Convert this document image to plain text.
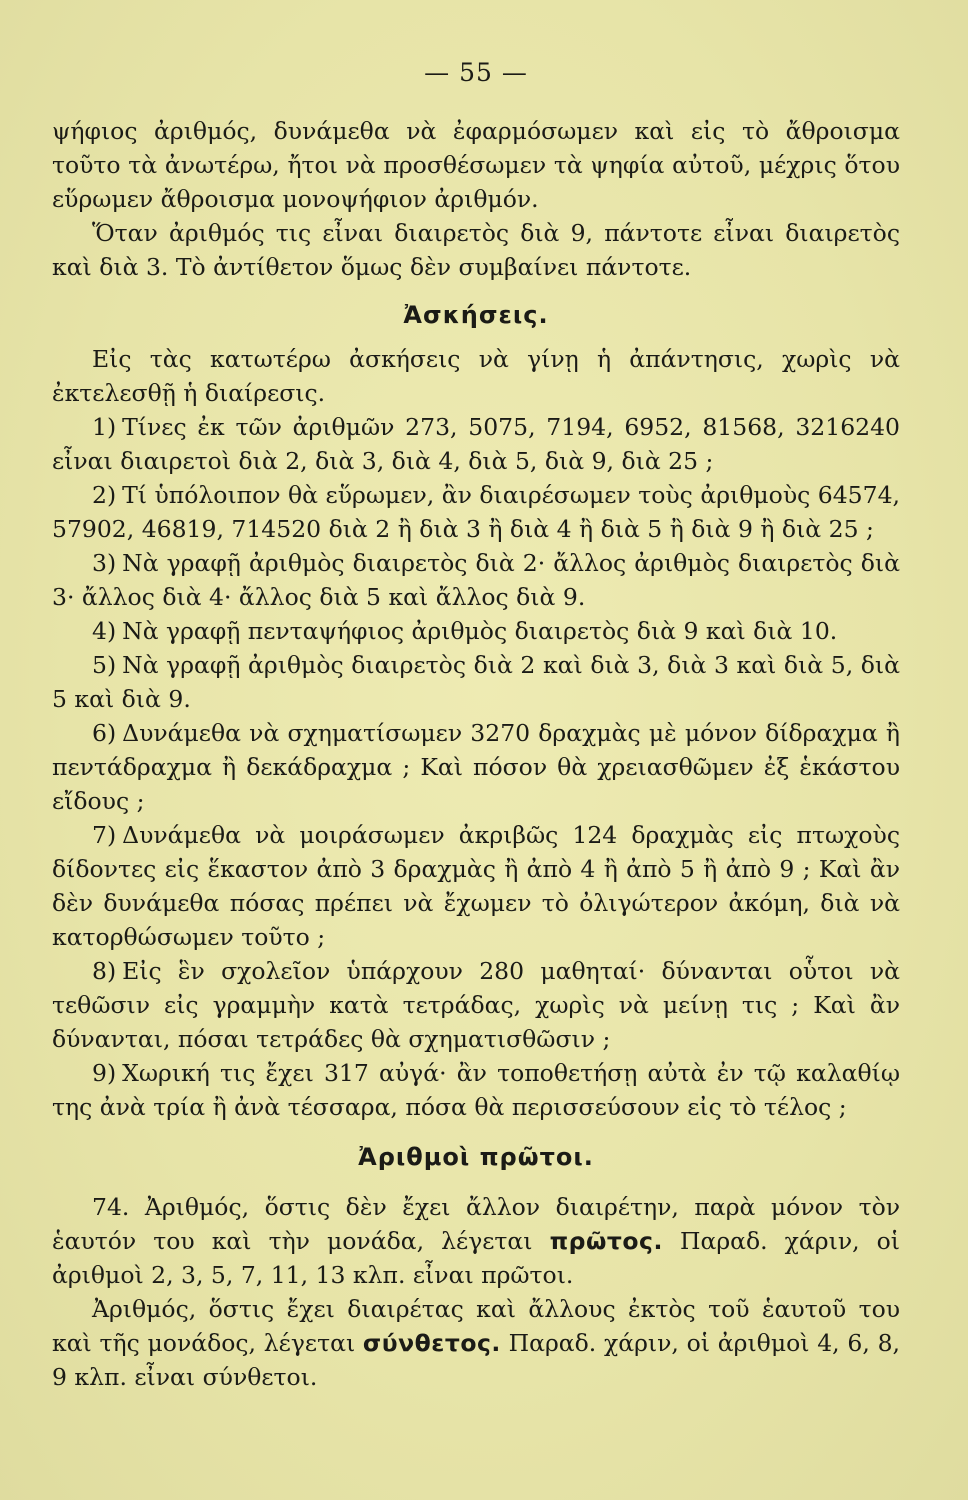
— 55 —

ψήφιος ἀριθμός, δυνάμεθα νὰ ἐφαρμόσωμεν καὶ εἰς τὸ ἄθροισμα τοῦτο τὰ ἀνωτέρω, ἤτοι νὰ προσθέσωμεν τὰ ψηφία αὐτοῦ, μέχρις ὅτου εὕρωμεν ἄθροισμα μονοψήφιον ἀριθμόν.

Ὅταν ἀριθμός τις εἶναι διαιρετὸς διὰ 9, πάντοτε εἶναι διαιρετὸς καὶ διὰ 3. Τὸ ἀντίθετον ὅμως δὲν συμβαίνει πάντοτε.

Ἀσκήσεις.

Εἰς τὰς κατωτέρω ἀσκήσεις νὰ γίνῃ ἡ ἀπάντησις, χωρὶς νὰ ἐκτελεσθῇ ἡ διαίρεσις.

1) Τίνες ἐκ τῶν ἀριθμῶν 273, 5075, 7194, 6952, 81568, 3216240 εἶναι διαιρετοὶ διὰ 2, διὰ 3, διὰ 4, διὰ 5, διὰ 9, διὰ 25 ;

2) Τί ὑπόλοιπον θὰ εὕρωμεν, ἂν διαιρέσωμεν τοὺς ἀριθμοὺς 64574, 57902, 46819, 714520 διὰ 2 ἢ διὰ 3 ἢ διὰ 4 ἢ διὰ 5 ἢ διὰ 9 ἢ διὰ 25 ;

3) Νὰ γραφῇ ἀριθμὸς διαιρετὸς διὰ 2· ἄλλος ἀριθμὸς διαιρετὸς διὰ 3· ἄλλος διὰ 4· ἄλλος διὰ 5 καὶ ἄλλος διὰ 9.

4) Νὰ γραφῇ πενταψήφιος ἀριθμὸς διαιρετὸς διὰ 9 καὶ διὰ 10.

5) Νὰ γραφῇ ἀριθμὸς διαιρετὸς διὰ 2 καὶ διὰ 3, διὰ 3 καὶ διὰ 5, διὰ 5 καὶ διὰ 9.

6) Δυνάμεθα νὰ σχηματίσωμεν 3270 δραχμὰς μὲ μόνον δίδραχμα ἢ πεντάδραχμα ἢ δεκάδραχμα ; Καὶ πόσον θὰ χρειασθῶμεν ἐξ ἑκάστου εἴδους ;

7) Δυνάμεθα νὰ μοιράσωμεν ἀκριβῶς 124 δραχμὰς εἰς πτωχοὺς δίδοντες εἰς ἕκαστον ἀπὸ 3 δραχμὰς ἢ ἀπὸ 4 ἢ ἀπὸ 5 ἢ ἀπὸ 9 ; Καὶ ἂν δὲν δυνάμεθα πόσας πρέπει νὰ ἔχωμεν τὸ ὀλιγώτερον ἀκόμη, διὰ νὰ κατορθώσωμεν τοῦτο ;

8) Εἰς ἓν σχολεῖον ὑπάρχουν 280 μαθηταί· δύνανται οὗτοι νὰ τεθῶσιν εἰς γραμμὴν κατὰ τετράδας, χωρὶς νὰ μείνῃ τις ; Καὶ ἂν δύνανται, πόσαι τετράδες θὰ σχηματισθῶσιν ;

9) Χωρική τις ἔχει 317 αὐγά· ἂν τοποθετήσῃ αὐτὰ ἐν τῷ καλαθίῳ της ἀνὰ τρία ἢ ἀνὰ τέσσαρα, πόσα θὰ περισσεύσουν εἰς τὸ τέλος ;

Ἀριθμοὶ πρῶτοι.

74. Ἀριθμός, ὅστις δὲν ἔχει ἄλλον διαιρέτην, παρὰ μόνον τὸν ἑαυτόν του καὶ τὴν μονάδα, λέγεται πρῶτος. Παραδ. χάριν, οἱ ἀριθμοὶ 2, 3, 5, 7, 11, 13 κλπ. εἶναι πρῶτοι.

Ἀριθμός, ὅστις ἔχει διαιρέτας καὶ ἄλλους ἐκτὸς τοῦ ἑαυτοῦ του καὶ τῆς μονάδος, λέγεται σύνθετος. Παραδ. χάριν, οἱ ἀριθμοὶ 4, 6, 8, 9 κλπ. εἶναι σύνθετοι.
